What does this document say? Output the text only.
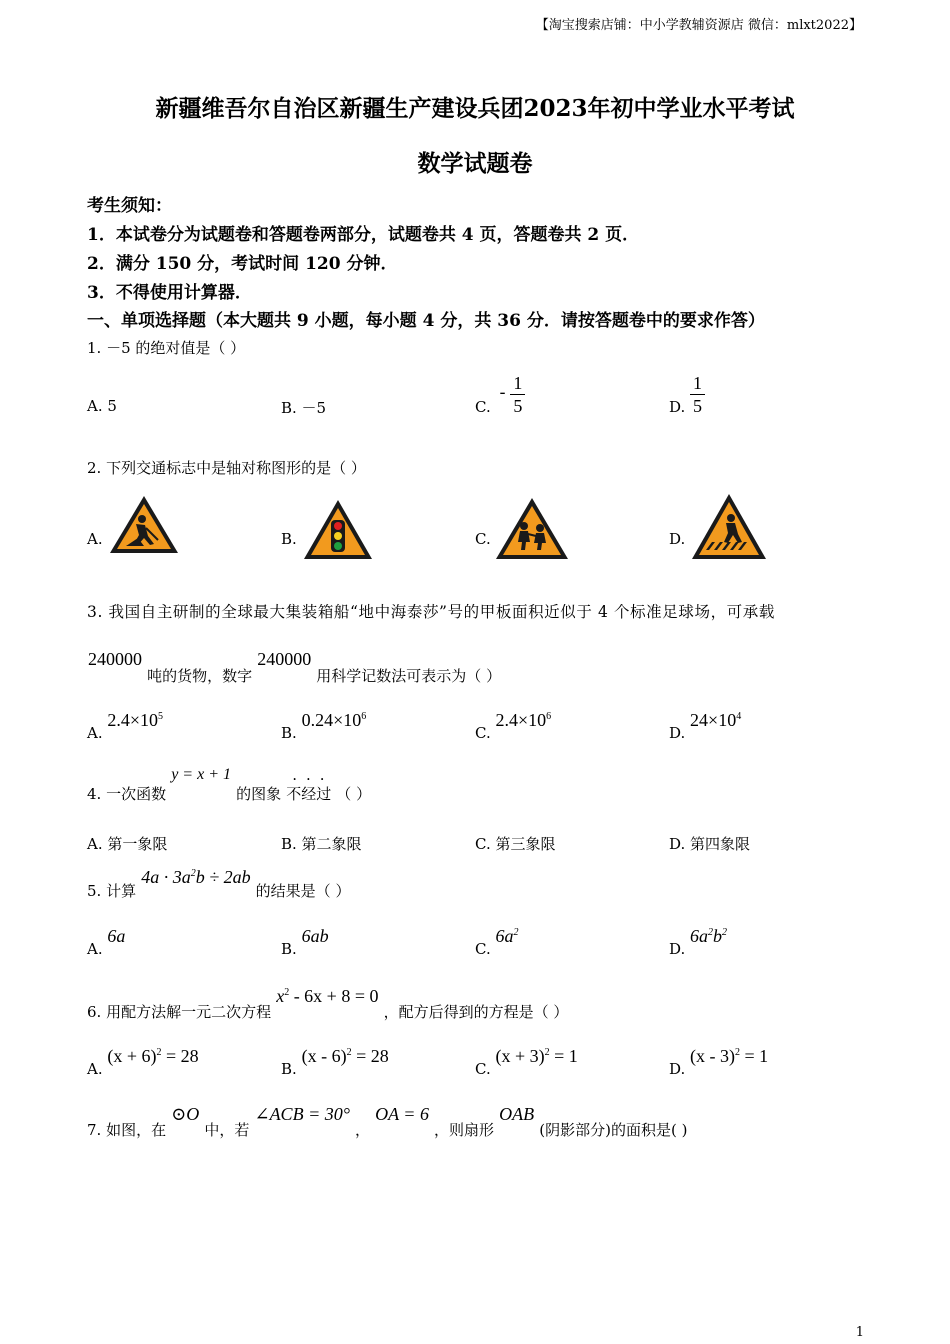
【淘宝搜索店铺：中小学教辅资源店 微信：mlxt2022】
新疆维吾尔自治区新疆生产建设兵团2023年初中学业水平考试
数学试题卷
考生须知：
1．本试卷分为试题卷和答题卷两部分，试题卷共 4 页，答题卷共 2 页．
2．满分 150 分，考试时间 120 分钟．
3．不得使用计算器．
一、单项选择题（本大题共 9 小题，每小题 4 分，共 36 分．请按答题卷中的要求作答）
1. －5 的绝对值是（ ）
A. 5	B. －5	C. - $\frac{1}{5}$	D. $\frac{1}{5}$
2. 下列交通标志中是轴对称图形的是（ ）
A.	B.	C.	D.
3. 我国自主研制的全球最大集装箱船“地中海泰莎”号的甲板面积近似于 4 个标准足球场，可承载
240000 吨的货物，数字 240000 用科学记数法可表示为（ ）
A. $2.4\times 10^5$
B. $0.24\times 10^6$
C. $2.4\times 10^6$
D. $24\times 10^4$
4. 一次函数 y = x + 1 的图象
...
不经过 （ ）
A. 第一象限	B. 第二象限	C. 第三象限	D. 第四象限
5. 计算 $4a \cdot 3a^2b \div 2ab$ 的结果是（ ）
A. 6a
B. 6ab
C. $6a^2$
D. $6a^2b^2$
6. 用配方法解一元二次方程 $x^2 - 6x + 8 = 0$ ，配方后得到的方程是（ ）
A. $(x + 6)^2 = 28$
B. (x - 6)$^2$ = 28
C. $(x + 3)^2 = 1$
D. (x - 3)$^2$ = 1
7. 如图，在 ⊙O 中，若 ∠ACB = 30° ， OA = 6 ，则扇形 OAB (阴影部分)的面积是( )
1
